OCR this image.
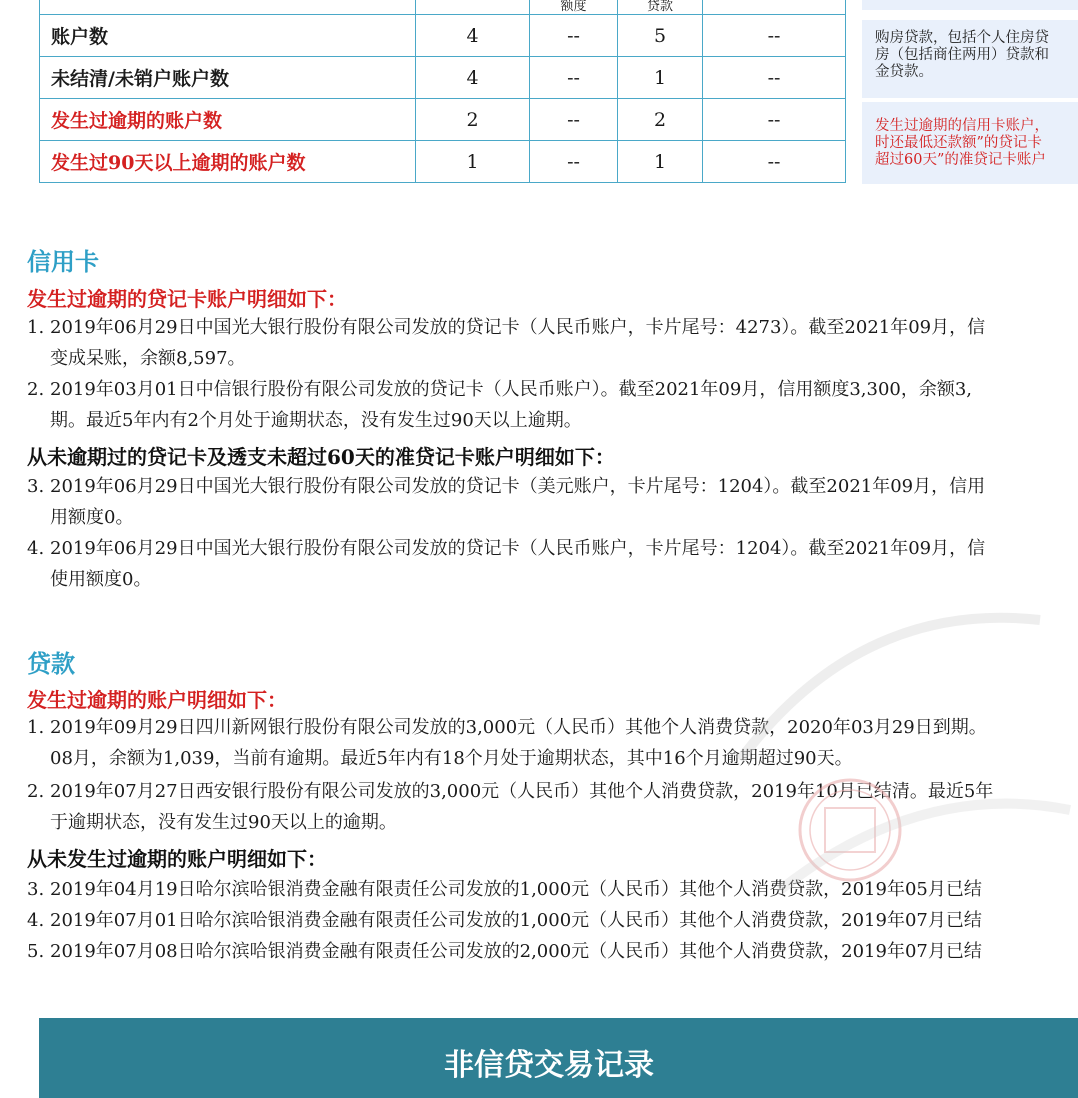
		额度	贷款	
账户数	4	--	5	--
未结清/未销户账户数	4	--	1	--
发生过逾期的账户数	2	--	2	--
发生过90天以上逾期的账户数	1	--	1	--
购房贷款，包括个人住房贷
房（包括商住两用）贷款和
金贷款。
发生过逾期的信用卡账户，
时还最低还款额”的贷记卡
超过60天”的准贷记卡账户
信用卡
发生过逾期的贷记卡账户明细如下：
1. 2019年06月29日中国光大银行股份有限公司发放的贷记卡（人民币账户，卡片尾号：4273）。截至2021年09月，信
变成呆账，余额8,597。
2. 2019年03月01日中信银行股份有限公司发放的贷记卡（人民币账户）。截至2021年09月，信用额度3,300，余额3,
期。最近5年内有2个月处于逾期状态，没有发生过90天以上逾期。
从未逾期过的贷记卡及透支未超过60天的准贷记卡账户明细如下：
3. 2019年06月29日中国光大银行股份有限公司发放的贷记卡（美元账户，卡片尾号：1204）。截至2021年09月，信用
用额度0。
4. 2019年06月29日中国光大银行股份有限公司发放的贷记卡（人民币账户，卡片尾号：1204）。截至2021年09月，信
使用额度0。
贷款
发生过逾期的账户明细如下：
1. 2019年09月29日四川新网银行股份有限公司发放的3,000元（人民币）其他个人消费贷款，2020年03月29日到期。
08月，余额为1,039，当前有逾期。最近5年内有18个月处于逾期状态，其中16个月逾期超过90天。
2. 2019年07月27日西安银行股份有限公司发放的3,000元（人民币）其他个人消费贷款，2019年10月已结清。最近5年
于逾期状态，没有发生过90天以上的逾期。
从未发生过逾期的账户明细如下：
3. 2019年04月19日哈尔滨哈银消费金融有限责任公司发放的1,000元（人民币）其他个人消费贷款，2019年05月已结
4. 2019年07月01日哈尔滨哈银消费金融有限责任公司发放的1,000元（人民币）其他个人消费贷款，2019年07月已结
5. 2019年07月08日哈尔滨哈银消费金融有限责任公司发放的2,000元（人民币）其他个人消费贷款，2019年07月已结
非信贷交易记录
